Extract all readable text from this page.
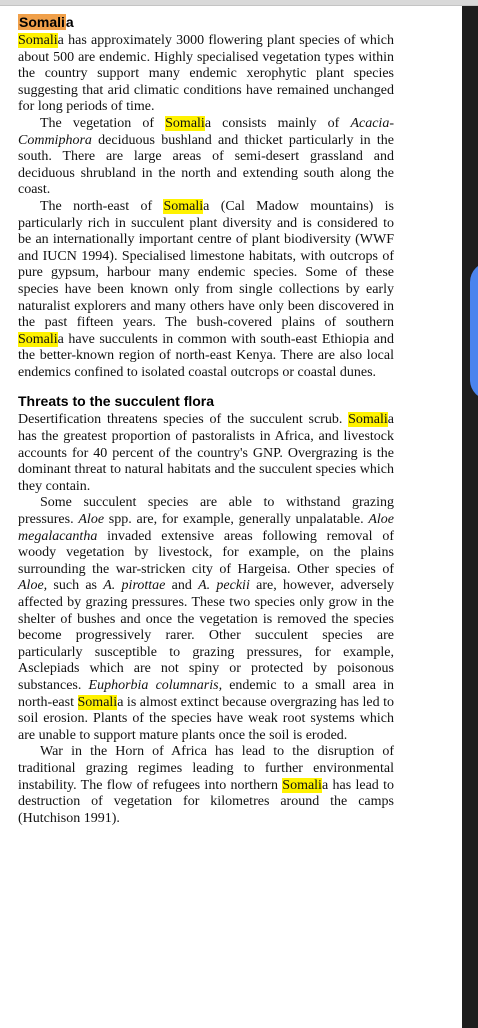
Somalia

Somalia has approximately 3000 flowering plant species of which about 500 are endemic. Highly specialised vegetation types within the country support many endemic xerophytic plant species suggesting that arid climatic conditions have remained unchanged for long periods of time.

The vegetation of Somalia consists mainly of Acacia-Commiphora deciduous bushland and thicket particularly in the south. There are large areas of semi-desert grassland and deciduous shrubland in the north and extending south along the coast.

The north-east of Somalia (Cal Madow mountains) is particularly rich in succulent plant diversity and is considered to be an internationally important centre of plant biodiversity (WWF and IUCN 1994). Specialised limestone habitats, with outcrops of pure gypsum, harbour many endemic species. Some of these species have been known only from single collections by early naturalist explorers and many others have only been discovered in the past fifteen years. The bush-covered plains of southern Somalia have succulents in common with south-east Ethiopia and the better-known region of north-east Kenya. There are also local endemics confined to isolated coastal outcrops or coastal dunes.

Threats to the succulent flora

Desertification threatens species of the succulent scrub. Somalia has the greatest proportion of pastoralists in Africa, and livestock accounts for 40 percent of the country's GNP. Overgrazing is the dominant threat to natural habitats and the succulent species which they contain.

Some succulent species are able to withstand grazing pressures. Aloe spp. are, for example, generally unpalatable. Aloe megalacantha invaded extensive areas following removal of woody vegetation by livestock, for example, on the plains surrounding the war-stricken city of Hargeisa. Other species of Aloe, such as A. pirottae and A. peckii are, however, adversely affected by grazing pressures. These two species only grow in the shelter of bushes and once the vegetation is removed the species become progressively rarer. Other succulent species are particularly susceptible to grazing pressures, for example, Asclepiads which are not spiny or protected by poisonous substances. Euphorbia columnaris, endemic to a small area in north-east Somalia is almost extinct because overgrazing has led to soil erosion. Plants of the species have weak root systems which are unable to support mature plants once the soil is eroded.

War in the Horn of Africa has lead to the disruption of traditional grazing regimes leading to further environmental instability. The flow of refugees into northern Somalia has lead to destruction of vegetation for kilometres around the camps (Hutchison 1991).
